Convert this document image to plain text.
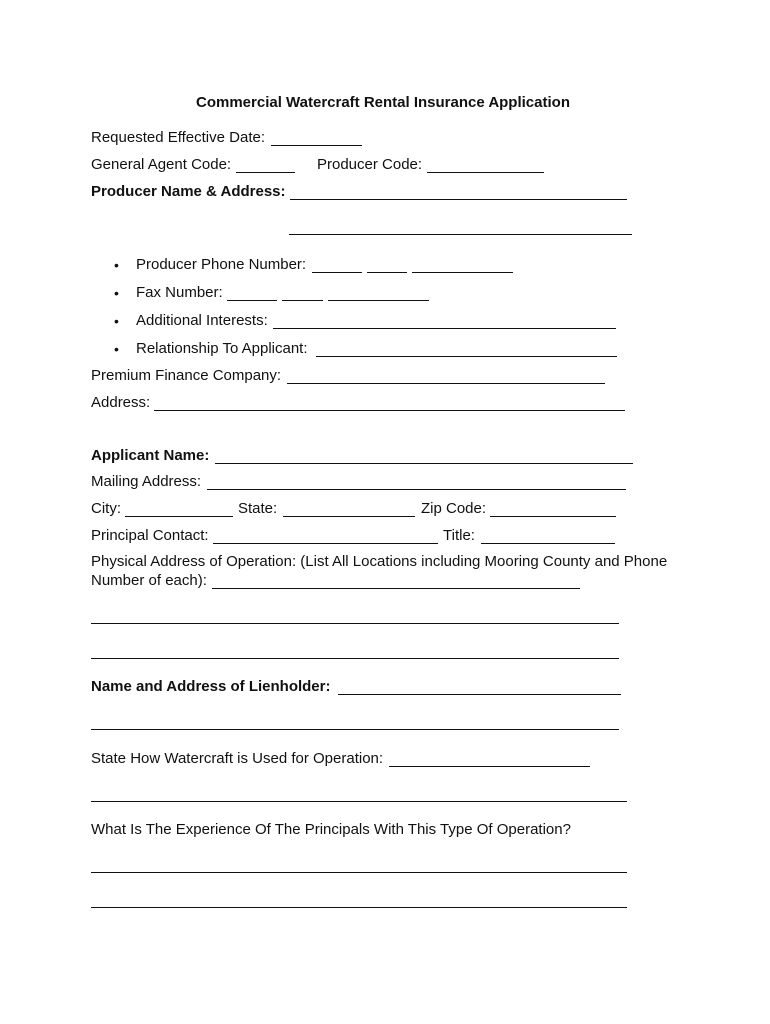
Commercial Watercraft Rental Insurance Application
Requested Effective Date:
General Agent Code:	Producer Code:
Producer Name & Address:
• Producer Phone Number:
• Fax Number:
• Additional Interests:
• Relationship To Applicant:
Premium Finance Company:
Address:
Applicant Name:
Mailing Address:
City:	State:	Zip Code:
Principal Contact:	Title:
Physical Address of Operation: (List All Locations including Mooring County and Phone
Number of each):
Name and Address of Lienholder:
State How Watercraft is Used for Operation:
What Is The Experience Of The Principals With This Type Of Operation?
